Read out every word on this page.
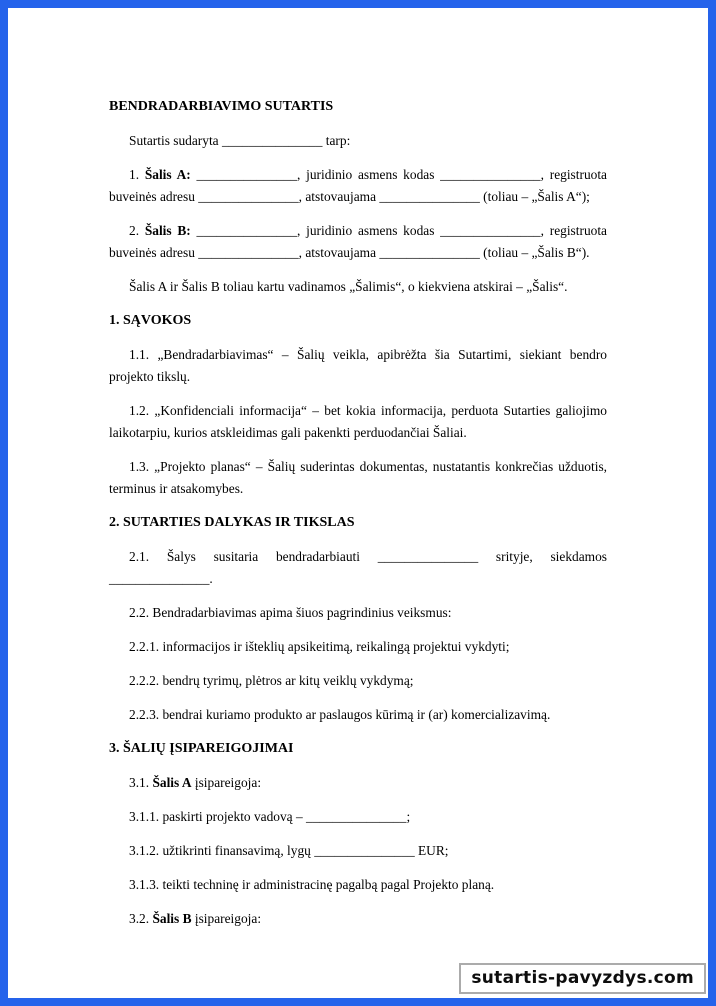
BENDRADARBIAVIMO SUTARTIS

Sutartis sudaryta _______________ tarp:

1. Šalis A: _______________, juridinio asmens kodas _______________, registruota buveinės adresu _______________, atstovaujama _______________ (toliau – „Šalis A“);

2. Šalis B: _______________, juridinio asmens kodas _______________, registruota buveinės adresu _______________, atstovaujama _______________ (toliau – „Šalis B“).

Šalis A ir Šalis B toliau kartu vadinamos „Šalimis“, o kiekviena atskirai – „Šalis“.

1. SĄVOKOS

1.1. „Bendradarbiavimas“ – Šalių veikla, apibrėžta šia Sutartimi, siekiant bendro projekto tikslų.

1.2. „Konfidenciali informacija“ – bet kokia informacija, perduota Sutarties galiojimo laikotarpiu, kurios atskleidimas gali pakenkti perduodančiai Šaliai.

1.3. „Projekto planas“ – Šalių suderintas dokumentas, nustatantis konkrečias užduotis, terminus ir atsakomybes.

2. SUTARTIES DALYKAS IR TIKSLAS

2.1. Šalys susitaria bendradarbiauti _______________ srityje, siekdamos _______________.

2.2. Bendradarbiavimas apima šiuos pagrindinius veiksmus:

2.2.1. informacijos ir išteklių apsikeitimą, reikalingą projektui vykdyti;

2.2.2. bendrų tyrimų, plėtros ar kitų veiklų vykdymą;

2.2.3. bendrai kuriamo produkto ar paslaugos kūrimą ir (ar) komercializavimą.

3. ŠALIŲ ĮSIPAREIGOJIMAI

3.1. Šalis A įsipareigoja:

3.1.1. paskirti projekto vadovą – _______________;

3.1.2. užtikrinti finansavimą, lygų _______________ EUR;

3.1.3. teikti techninę ir administracinę pagalbą pagal Projekto planą.

3.2. Šalis B įsipareigoja:

sutartis-pavyzdys.com
